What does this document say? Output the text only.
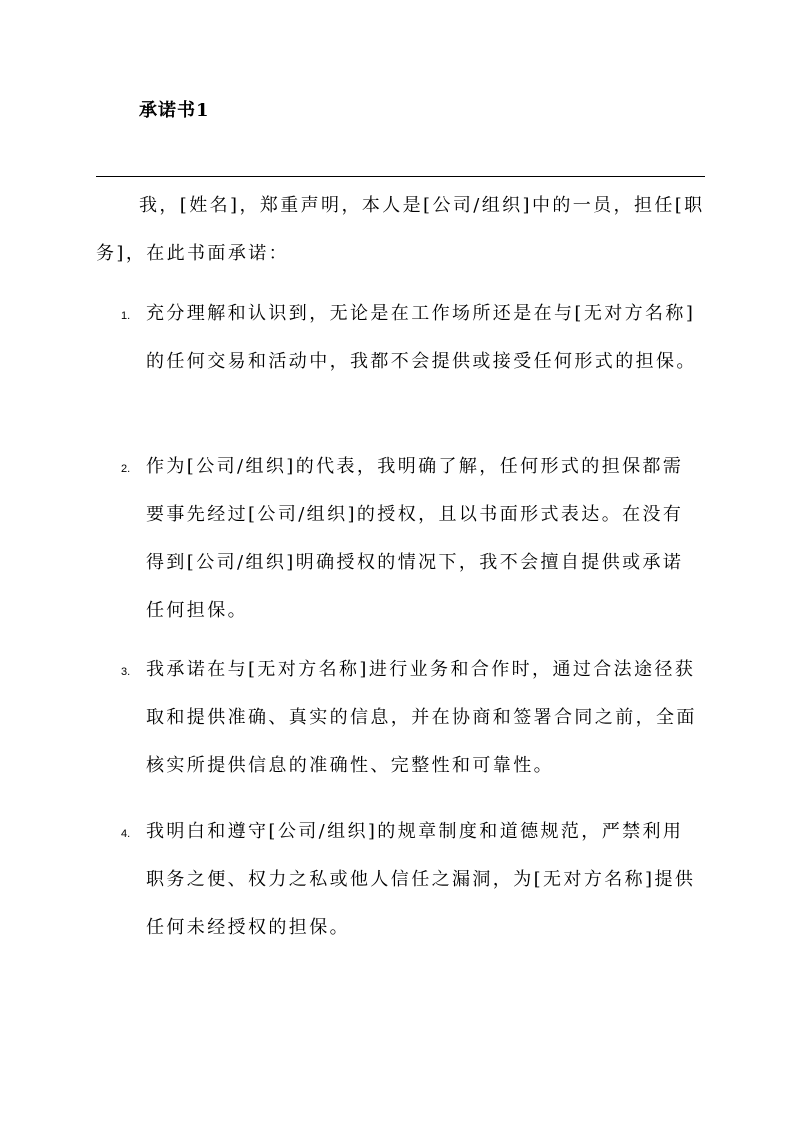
承诺书1
我，[姓名]，郑重声明，本人是[公司/组织]中的一员，担任[职务]，在此书面承诺：
1. 充分理解和认识到，无论是在工作场所还是在与[无对方名称]的任何交易和活动中，我都不会提供或接受任何形式的担保。
2. 作为[公司/组织]的代表，我明确了解，任何形式的担保都需要事先经过[公司/组织]的授权，且以书面形式表达。在没有得到[公司/组织]明确授权的情况下，我不会擅自提供或承诺任何担保。
3. 我承诺在与[无对方名称]进行业务和合作时，通过合法途径获取和提供准确、真实的信息，并在协商和签署合同之前，全面核实所提供信息的准确性、完整性和可靠性。
4. 我明白和遵守[公司/组织]的规章制度和道德规范，严禁利用职务之便、权力之私或他人信任之漏洞，为[无对方名称]提供任何未经授权的担保。
